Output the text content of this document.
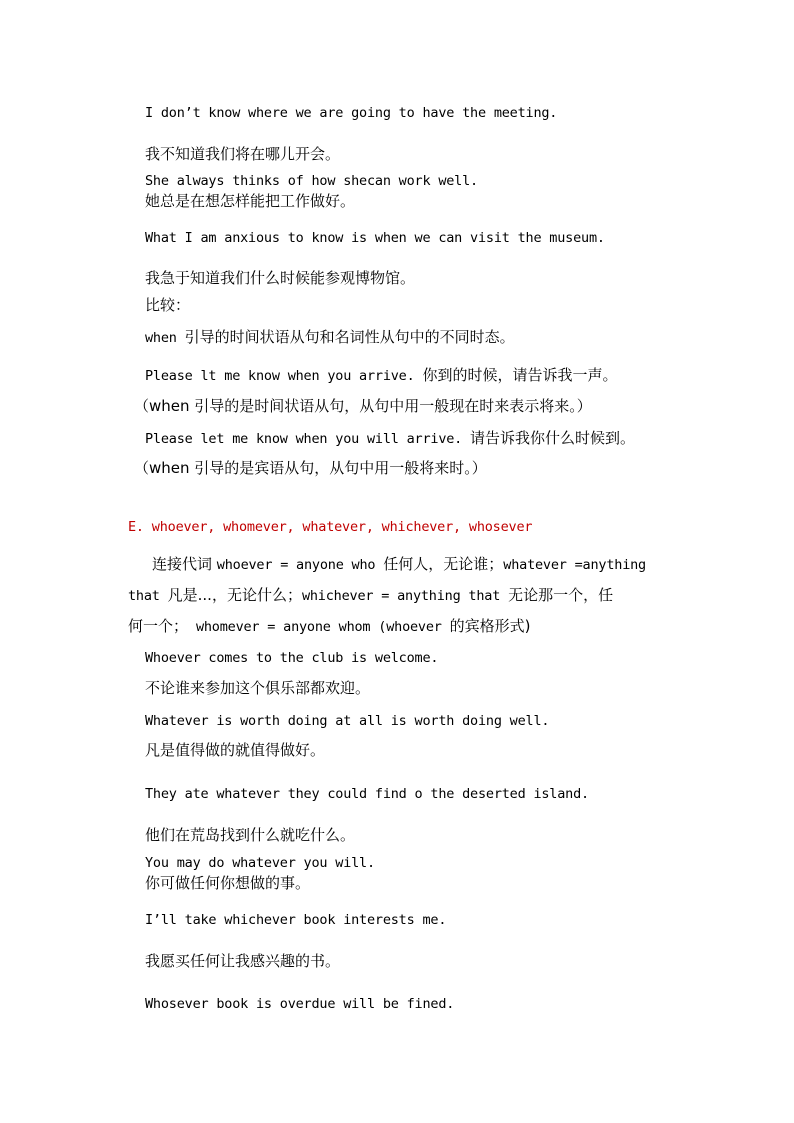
I don’t know where we are going to have the meeting.
我不知道我们将在哪儿开会。
She always thinks of how shecan work well.
她总是在想怎样能把工作做好。
What I am anxious to know is when we can visit the museum.
我急于知道我们什么时候能参观博物馆。
比较：
when 引导的时间状语从句和名词性从句中的不同时态。
Please lt me know when you arrive. 你到的时候，请告诉我一声。
（when 引导的是时间状语从句，从句中用一般现在时来表示将来。）
Please let me know when you will arrive. 请告诉我你什么时候到。
（when 引导的是宾语从句，从句中用一般将来时。）
E. whoever, whomever, whatever, whichever, whosever
连接代词 whoever = anyone who 任何人，无论谁；whatever =anything
that 凡是...，无论什么；whichever = anything that 无论那一个，任
何一个； whomever = anyone whom (whoever 的宾格形式)
Whoever comes to the club is welcome.
不论谁来参加这个俱乐部都欢迎。
Whatever is worth doing at all is worth doing well.
凡是值得做的就值得做好。
They ate whatever they could find o the deserted island.
他们在荒岛找到什么就吃什么。
You may do whatever you will.
你可做任何你想做的事。
I’ll take whichever book interests me.
我愿买任何让我感兴趣的书。
Whosever book is overdue will be fined.
